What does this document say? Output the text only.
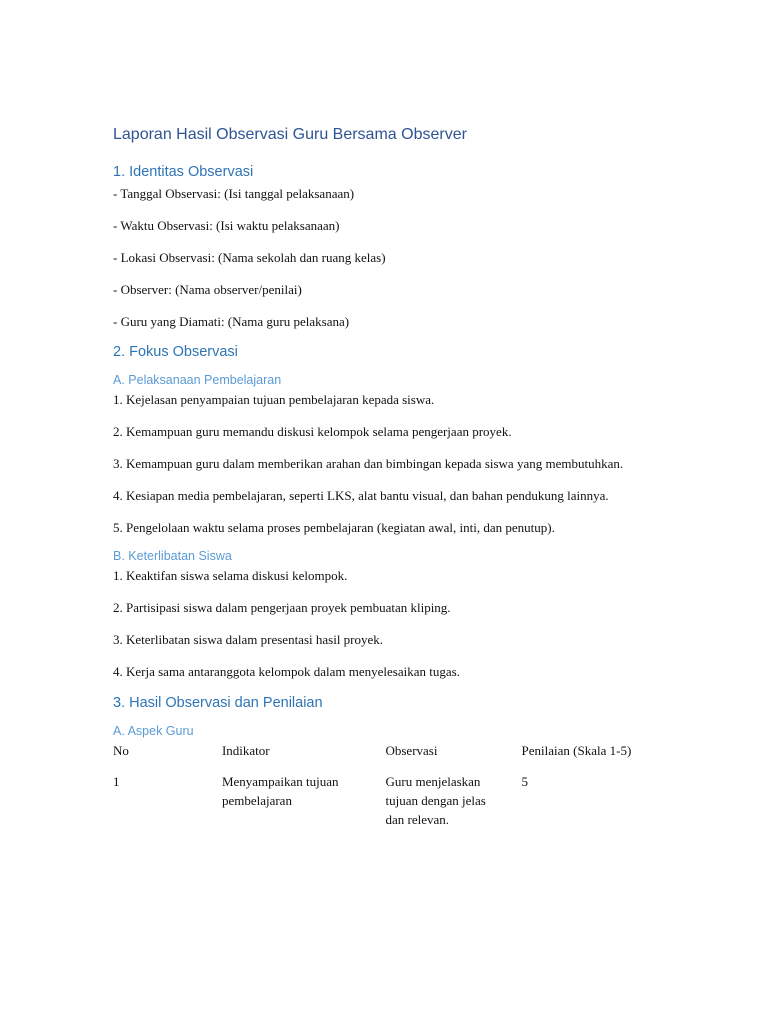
Laporan Hasil Observasi Guru Bersama Observer
1. Identitas Observasi

- Tanggal Observasi: (Isi tanggal pelaksanaan)

- Waktu Observasi: (Isi waktu pelaksanaan)

- Lokasi Observasi: (Nama sekolah dan ruang kelas)

- Observer: (Nama observer/penilai)

- Guru yang Diamati: (Nama guru pelaksana)

2. Fokus Observasi
A. Pelaksanaan Pembelajaran

1. Kejelasan penyampaian tujuan pembelajaran kepada siswa.

2. Kemampuan guru memandu diskusi kelompok selama pengerjaan proyek.

3. Kemampuan guru dalam memberikan arahan dan bimbingan kepada siswa yang membutuhkan.

4. Kesiapan media pembelajaran, seperti LKS, alat bantu visual, dan bahan pendukung lainnya.

5. Pengelolaan waktu selama proses pembelajaran (kegiatan awal, inti, dan penutup).

B. Keterlibatan Siswa

1. Keaktifan siswa selama diskusi kelompok.

2. Partisipasi siswa dalam pengerjaan proyek pembuatan kliping.

3. Keterlibatan siswa dalam presentasi hasil proyek.

4. Kerja sama antaranggota kelompok dalam menyelesaikan tugas.

3. Hasil Observasi dan Penilaian
A. Aspek Guru
No	Indikator	Observasi	Penilaian (Skala 1-5)
1	Menyampaikan tujuan pembelajaran	Guru menjelaskan tujuan dengan jelas dan relevan.	5
